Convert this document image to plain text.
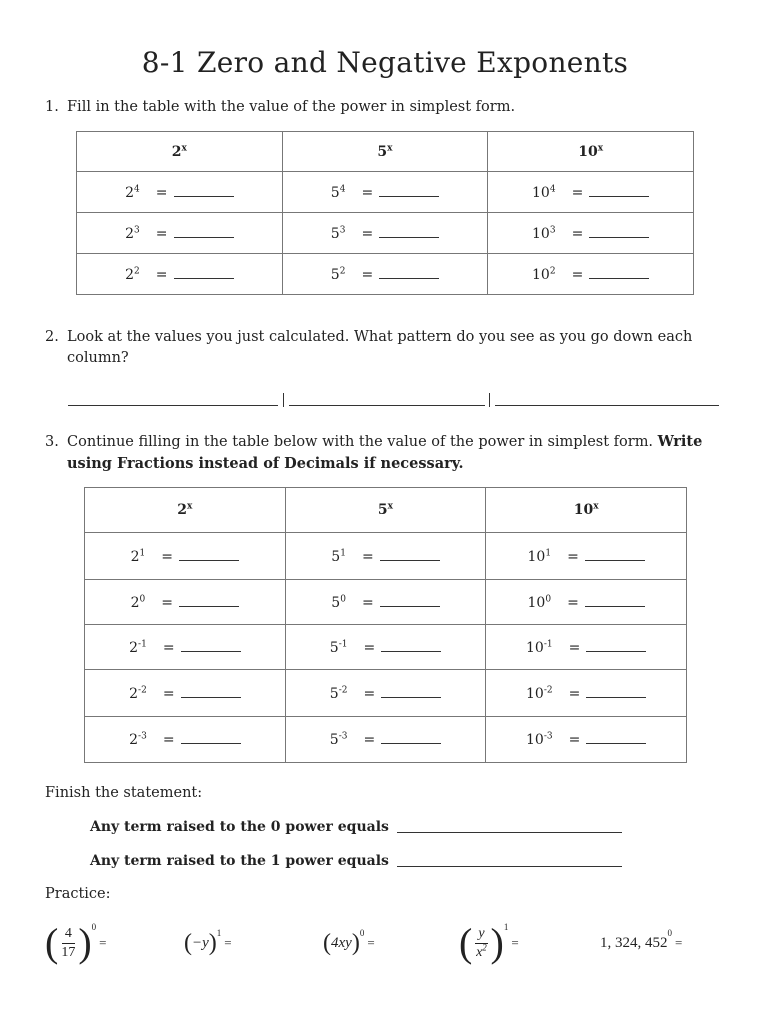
8-1 Zero and Negative Exponents
1. Fill in the table with the value of the power in simplest form.
2$^x$	5$^x$	10$^x$
$2^4$ =	$5^4$ =	$10^4$ =
$2^3$ =	$5^3$ =	$10^3$ =
$2^2$ =	$5^2$ =	$10^2$ =
2. Look at the values you just calculated. What pattern do you see as you go down each
column?
3. Continue filling in the table below with the value of the power in simplest form. Write
using Fractions instead of Decimals if necessary.
2$^x$	5$^x$	10$^x$
$2^1$ =	$5^1$ =	$10^1$ =
$2^0$ =	$5^0$ =	$10^0$ =
$2^{-1}$ =	$5^{-1}$ =	$10^{-1}$ =
$2^{-2}$ =	$5^{-2}$ =	$10^{-2}$ =
$2^{-3}$ =	$5^{-3}$ =	$10^{-3}$ =
Finish the statement:
Any term raised to the 0 power equals
Any term raised to the 1 power equals
Practice:
( $\frac{4}{17}$ ) 0
=	( −y ) 1
=	( 4xy ) 0
= ( $\frac{y}{x^2}$ ) 1
=	1, 324, 452
0
=
